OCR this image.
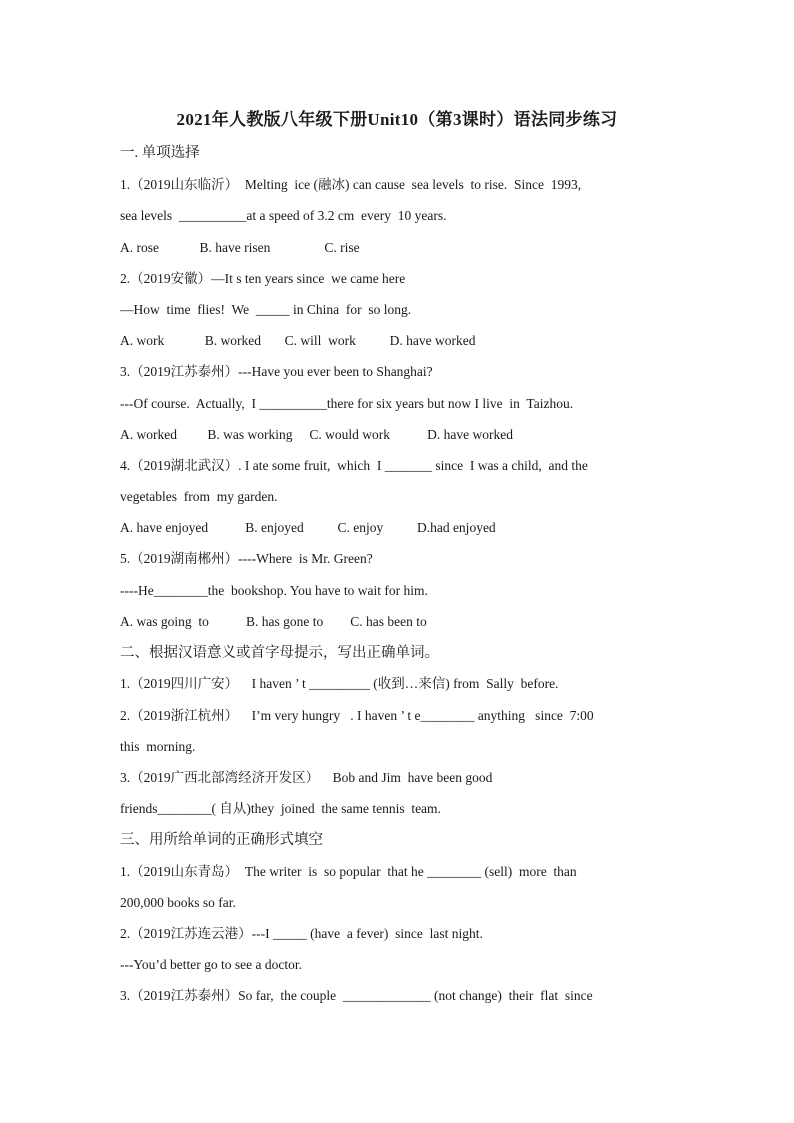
2021年人教版八年级下册Unit10（第3课时）语法同步练习
一. 单项选择
1.（2019山东临沂）  Melting  ice (融冰) can cause  sea levels  to rise.  Since  1993,
sea levels  __________at a speed of 3.2 cm  every  10 years.
A. rose            B. have risen                C. rise
2.（2019安徽）—It s ten years since  we came here
—How  time  flies!  We  _____ in China  for  so long.
A. work            B. worked       C. will  work          D. have worked
3.（2019江苏泰州）---Have you ever been to Shanghai?
---Of course.  Actually,  I __________there for six years but now I live  in  Taizhou.
A. worked         B. was working     C. would work           D. have worked
4.（2019湖北武汉）. I ate some fruit,  which  I _______ since  I was a child,  and the
vegetables  from  my garden.
A. have enjoyed           B. enjoyed          C. enjoy          D.had enjoyed
5.（2019湖南郴州）----Where  is Mr. Green?
----He________the  bookshop. You have to wait for him.
A. was going  to           B. has gone to        C. has been to
二、根据汉语意义或首字母提示，写出正确单词。
1.（2019四川广安）    I haven ’ t _________ (收到…来信) from  Sally  before.
2.（2019浙江杭州）    I’m very hungry   . I haven ’ t e________ anything   since  7:00
this  morning.
3.（2019广西北部湾经济开发区）    Bob and Jim  have been good
friends________( 自从)they  joined  the same tennis  team.
三、用所给单词的正确形式填空
1.（2019山东青岛）  The writer  is  so popular  that he ________ (sell)  more  than
200,000 books so far.
2.（2019江苏连云港）---I _____ (have  a fever)  since  last night.
---You’d better go to see a doctor.
3.（2019江苏泰州）So far,  the couple  _____________ (not change)  their  flat  since
